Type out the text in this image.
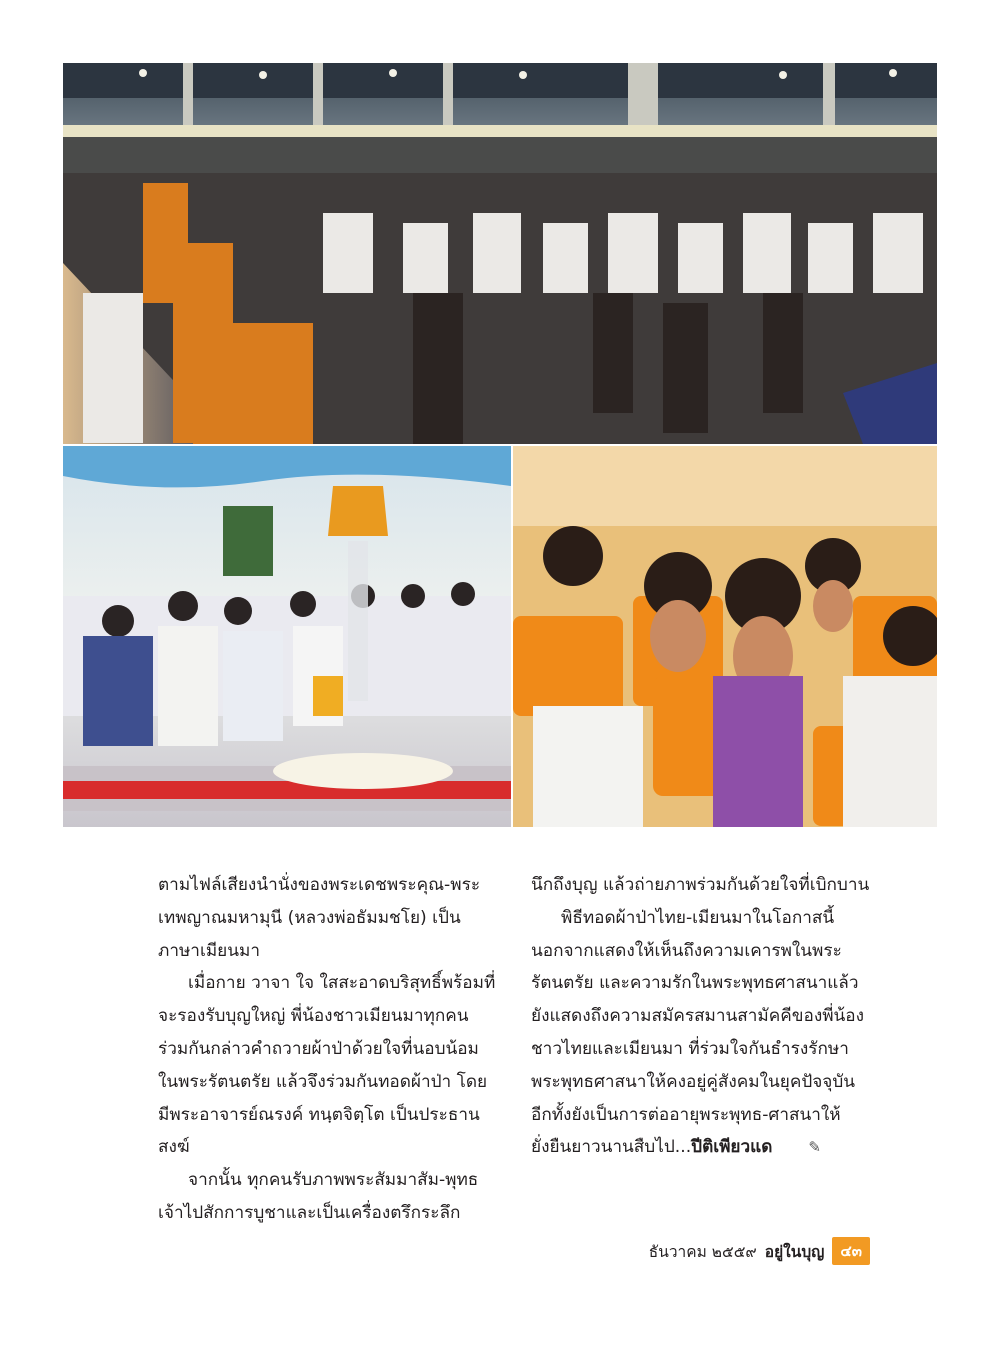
ตามไฟล์เสียงนำนั่งของพระเดชพระคุณ-พระเทพญาณมหามุนี (หลวงพ่อธัมมชโย) เป็นภาษาเมียนมา

เมื่อกาย วาจา ใจ ใสสะอาดบริสุทธิ์พร้อมที่จะรองรับบุญใหญ่ พี่น้องชาวเมียนมาทุกคนร่วมกันกล่าวคำถวายผ้าป่าด้วยใจที่นอบน้อมในพระรัตนตรัย แล้วจึงร่วมกันทอดผ้าป่า โดยมีพระอาจารย์ณรงค์ ทนฺตจิตฺโต เป็นประธานสงฆ์

จากนั้น ทุกคนรับภาพพระสัมมาสัม-พุทธเจ้าไปสักการบูชาและเป็นเครื่องตรึกระลึก

นึกถึงบุญ แล้วถ่ายภาพร่วมกันด้วยใจที่เบิกบาน

พิธีทอดผ้าป่าไทย-เมียนมาในโอกาสนี้ นอกจากแสดงให้เห็นถึงความเคารพในพระรัตนตรัย และความรักในพระพุทธศาสนาแล้ว ยังแสดงถึงความสมัครสมานสามัคคีของพี่น้องชาวไทยและเมียนมา ที่ร่วมใจกันธำรงรักษาพระพุทธศาสนาให้คงอยู่คู่สังคมในยุคปัจจุบัน อีกทั้งยังเป็นการต่ออายุพระพุทธ-ศาสนาให้ยั่งยืนยาวนานสืบไป...ปีติเพียวแด ✎

ธันวาคม ๒๕๕๙ อยู่ในบุญ	๔๓
